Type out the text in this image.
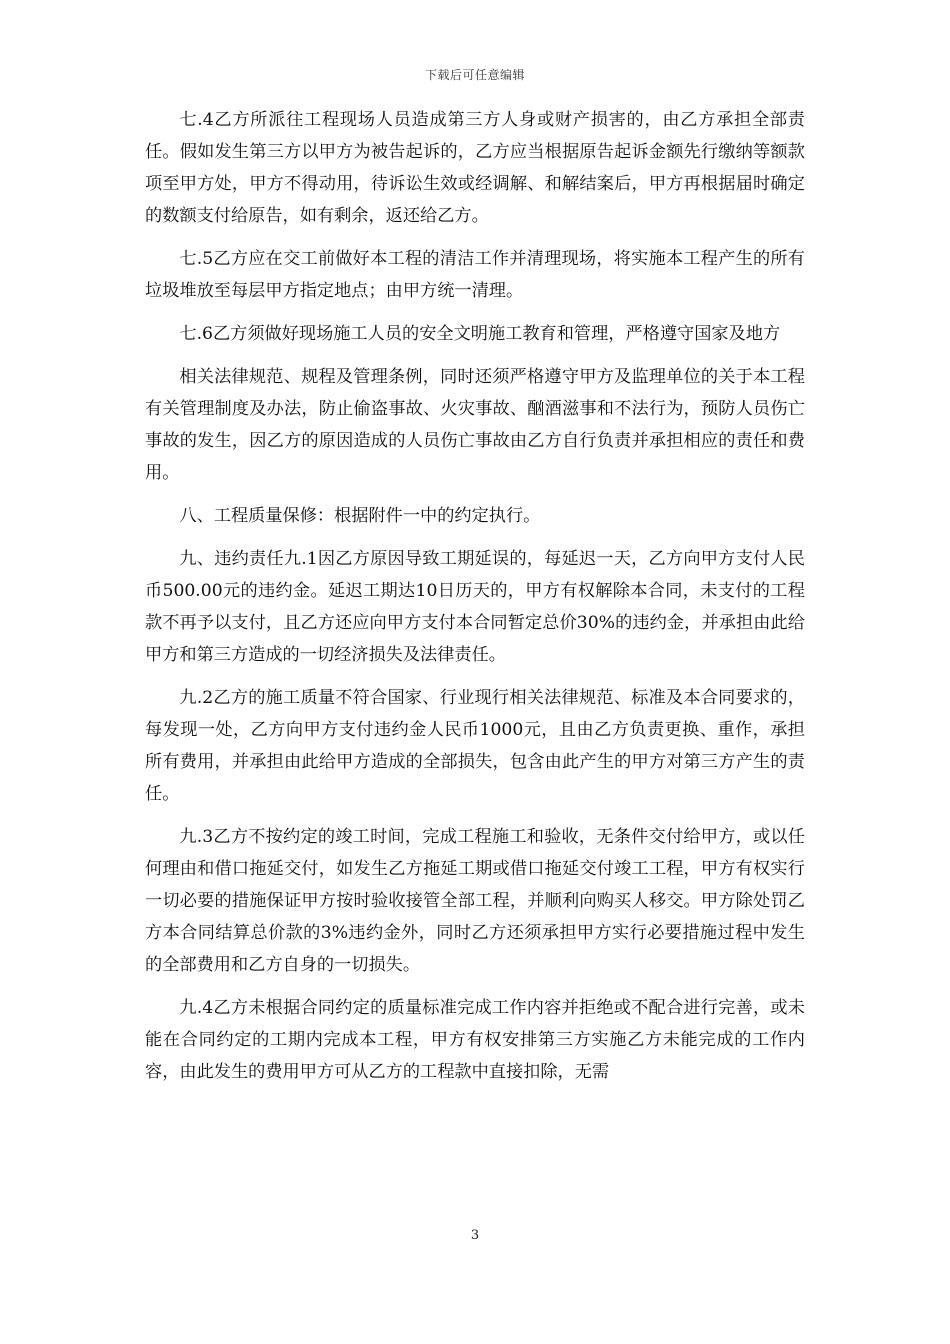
下载后可任意编辑

七.4乙方所派往工程现场人员造成第三方人身或财产损害的，由乙方承担全部责任。假如发生第三方以甲方为被告起诉的，乙方应当根据原告起诉金额先行缴纳等额款项至甲方处，甲方不得动用，待诉讼生效或经调解、和解结案后，甲方再根据届时确定的数额支付给原告，如有剩余，返还给乙方。

七.5乙方应在交工前做好本工程的清洁工作并清理现场，将实施本工程产生的所有垃圾堆放至每层甲方指定地点；由甲方统一清理。

七.6乙方须做好现场施工人员的安全文明施工教育和管理，严格遵守国家及地方

相关法律规范、规程及管理条例，同时还须严格遵守甲方及监理单位的关于本工程有关管理制度及办法，防止偷盗事故、火灾事故、酗酒滋事和不法行为，预防人员伤亡事故的发生，因乙方的原因造成的人员伤亡事故由乙方自行负责并承担相应的责任和费用。

八、工程质量保修：根据附件一中的约定执行。

九、违约责任九.1因乙方原因导致工期延误的，每延迟一天，乙方向甲方支付人民币500.00元的违约金。延迟工期达10日历天的，甲方有权解除本合同，未支付的工程款不再予以支付，且乙方还应向甲方支付本合同暂定总价30%的违约金，并承担由此给甲方和第三方造成的一切经济损失及法律责任。

九.2乙方的施工质量不符合国家、行业现行相关法律规范、标准及本合同要求的，每发现一处，乙方向甲方支付违约金人民币1000元，且由乙方负责更换、重作，承担所有费用，并承担由此给甲方造成的全部损失，包含由此产生的甲方对第三方产生的责任。

九.3乙方不按约定的竣工时间，完成工程施工和验收，无条件交付给甲方，或以任何理由和借口拖延交付，如发生乙方拖延工期或借口拖延交付竣工工程，甲方有权实行一切必要的措施保证甲方按时验收接管全部工程，并顺利向购买人移交。甲方除处罚乙方本合同结算总价款的3%违约金外，同时乙方还须承担甲方实行必要措施过程中发生的全部费用和乙方自身的一切损失。

九.4乙方未根据合同约定的质量标准完成工作内容并拒绝或不配合进行完善，或未能在合同约定的工期内完成本工程，甲方有权安排第三方实施乙方未能完成的工作内容，由此发生的费用甲方可从乙方的工程款中直接扣除，无需

3
